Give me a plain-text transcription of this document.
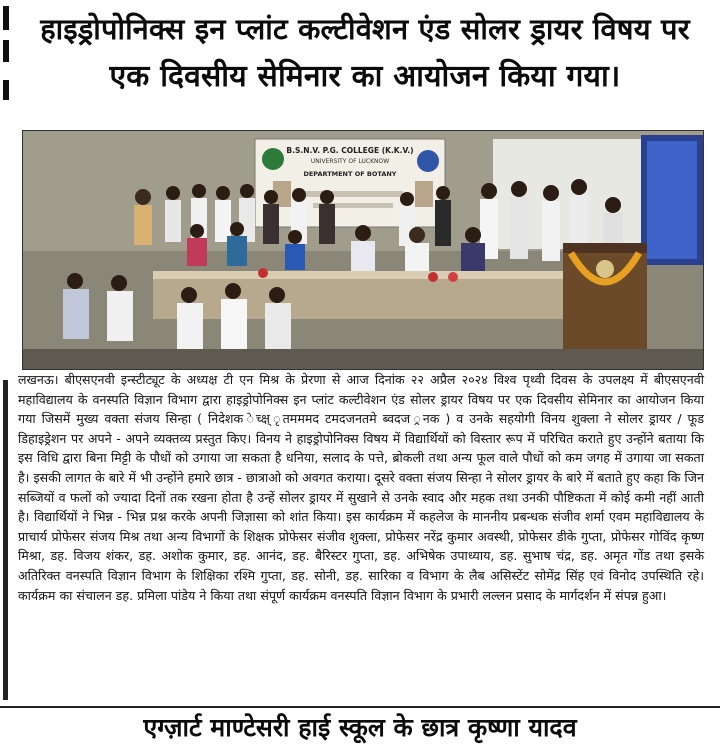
हाइड्रोपोनिक्स इन प्लांट कल्टीवेशन एंड सोलर ड्रायर विषय पर
एक दिवसीय सेमिनार का आयोजन किया गया।
B.S.N.V. P.G. COLLEGE (K.K.V.)
UNIVERSITY OF LUCKNOW
DEPARTMENT OF BOTANY
लखनऊ। बीएसएनवी इन्स्टीट्यूट के अध्यक्ष टी एन मिश्र के प्रेरणा से आज दिनांक २२ अप्रैल २०२४ विश्व पृथ्वी दिवस के उपलक्ष्य में बीएसएनवी महाविद्यालय के वनस्पति विज्ञान विभाग द्वारा हाइड्रोपोनिक्स इन प्लांट कल्टीवेशन एंड सोलर ड्रायर विषय पर एक दिवसीय सेमिनार का आयोजन किया गया जिसमें मुख्य वक्ता संजय सिन्हा ( निदेशक ेच्क्ष् ृतमममद टमदजनतमे ब्वदज ्रनक ) व उनके सहयोगी विनय शुक्ला ने सोलर ड्रायर / फूड डिहाइड्रेशन पर अपने - अपने व्यक्तव्य प्रस्तुत किए। विनय ने हाइड्रोपोनिक्स विषय में विद्यार्थियों को विस्तार रूप में परिचित कराते हुए उन्होंने बताया कि इस विधि द्वारा बिना मिट्टी के पौधों को उगाया जा सकता है धनिया, सलाद के पत्ते, ब्रोकली तथा अन्य फूल वाले पौधों को कम जगह में उगाया जा सकता है। इसकी लागत के बारे में भी उन्होंने हमारे छात्र - छात्राओ को अवगत कराया। दूसरे वक्ता संजय सिन्हा ने सोलर ड्रायर के बारे में बताते हुए कहा कि जिन सब्जियों व फलों को ज्यादा दिनों तक रखना होता है उन्हें सोलर ड्रायर में सुखाने से उनके स्वाद और महक तथा उनकी पौष्टिकता में कोई कमी नहीं आती है। विद्यार्थियों ने भिन्न - भिन्न प्रश्न करके अपनी जिज्ञासा को शांत किया। इस कार्यक्रम में कहलेज के माननीय प्रबन्धक संजीव शर्मा एवम महाविद्यालय के प्राचार्य प्रोफेसर संजय मिश्र तथा अन्य विभागों के शिक्षक प्रोफेसर संजीव शुक्ला, प्रोफेसर नरेंद्र कुमार अवस्थी, प्रोफेसर डीके गुप्ता, प्रोफेसर गोविंद कृष्ण मिश्रा, डह. विजय शंकर, डह. अशोक कुमार, डह. आनंद, डह. बैरिस्टर गुप्ता, डह. अभिषेक उपाध्याय, डह. सुभाष चंद्र, डह. अमृत गोंड तथा इसके अतिरिक्त वनस्पति विज्ञान विभाग के शिक्षिका रश्मि गुप्ता, डह. सोनी, डह. सारिका व विभाग के लैब असिस्टेंट सोमेंद्र सिंह एवं विनोद उपस्थिति रहे। कार्यक्रम का संचालन डह. प्रमिला पांडेय ने किया तथा संपूर्ण कार्यक्रम वनस्पति विज्ञान विभाग के प्रभारी लल्लन प्रसाद के मार्गदर्शन में संपन्न हुआ।
एग्ज़ार्ट माण्टेसरी हाई स्कूल के छात्र कृष्णा यादव
